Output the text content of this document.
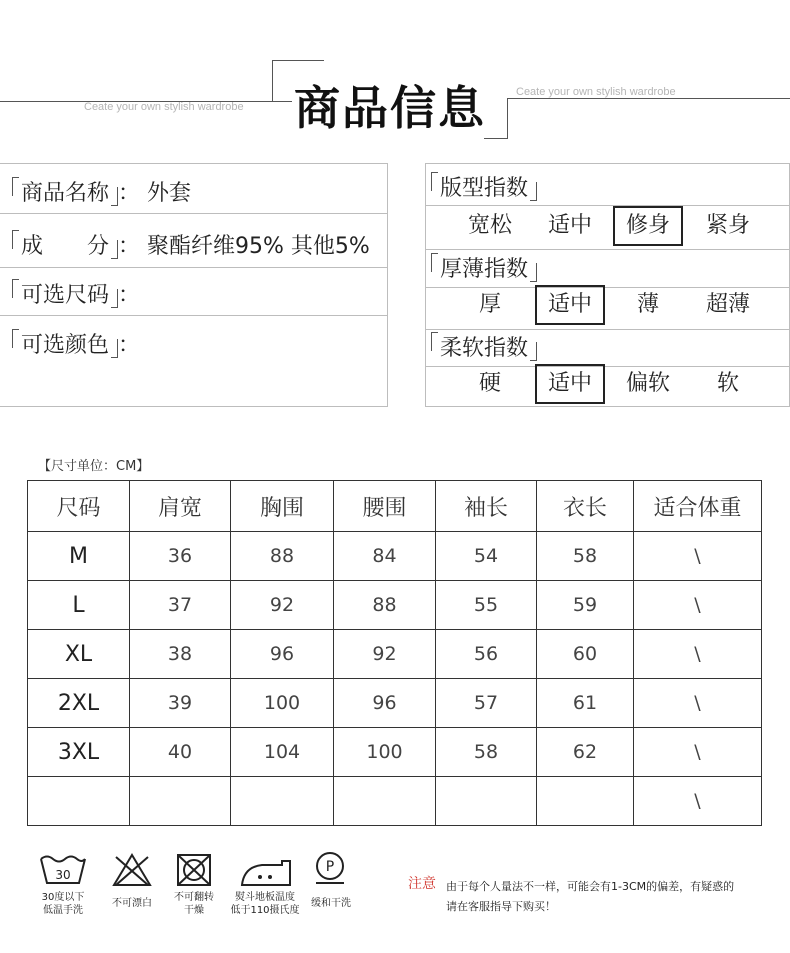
商品信息
Ceate your own stylish wardrobe
Ceate your own stylish wardrobe
商品名称 ： 外套
成　　分 ： 聚酯纤维95% 其他5%
可选尺码 ：
可选颜色 ：
版型指数
厚薄指数
柔软指数
宽松	适中	修身	紧身
厚	适中	薄	超薄
硬	适中	偏软	软
【尺寸单位：CM】
尺码	肩宽	胸围	腰围	袖长	衣长	适合体重
M	36	88	84	54	58	\
L	37	92	88	55	59	\
XL	38	96	92	56	60	\
2XL	39	100	96	57	61	\
3XL	40	104	100	58	62	\
						\
30
30度以下
低温手洗
不可漂白
不可翻转
干燥
熨斗地板温度
低于110摄氏度
P
缓和干洗
注意 由于每个人量法不一样，可能会有1-3CM的偏差，有疑惑的
请在客服指导下购买！
